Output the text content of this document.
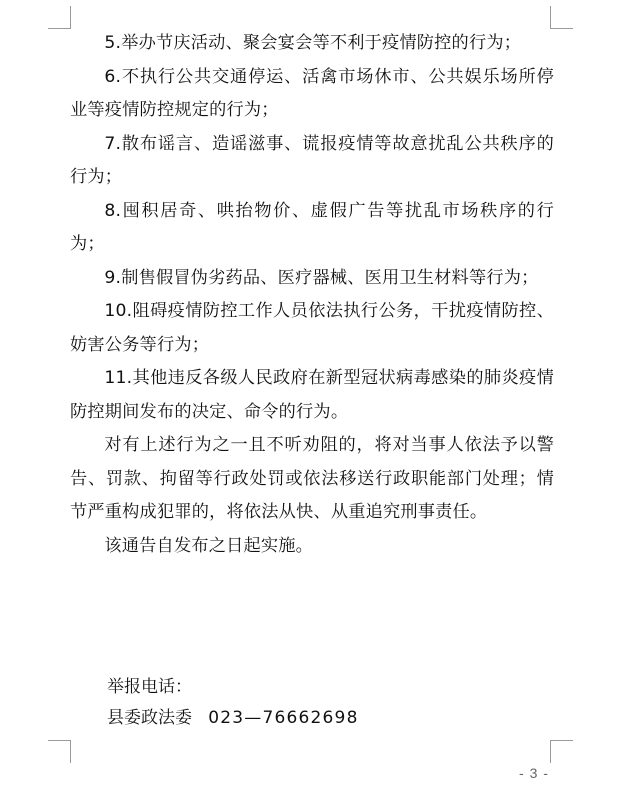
5.举办节庆活动、聚会宴会等不利于疫情防控的行为；

6.不执行公共交通停运、活禽市场休市、公共娱乐场所停业等疫情防控规定的行为；

7.散布谣言、造谣滋事、谎报疫情等故意扰乱公共秩序的行为；

8.囤积居奇、哄抬物价、虚假广告等扰乱市场秩序的行为；

9.制售假冒伪劣药品、医疗器械、医用卫生材料等行为；

10.阻碍疫情防控工作人员依法执行公务，干扰疫情防控、妨害公务等行为；

11.其他违反各级人民政府在新型冠状病毒感染的肺炎疫情防控期间发布的决定、命令的行为。

对有上述行为之一且不听劝阻的，将对当事人依法予以警告、罚款、拘留等行政处罚或依法移送行政职能部门处理；情节严重构成犯罪的，将依法从快、从重追究刑事责任。

该通告自发布之日起实施。

举报电话：
县委政法委 023—76662698
- 3 -
